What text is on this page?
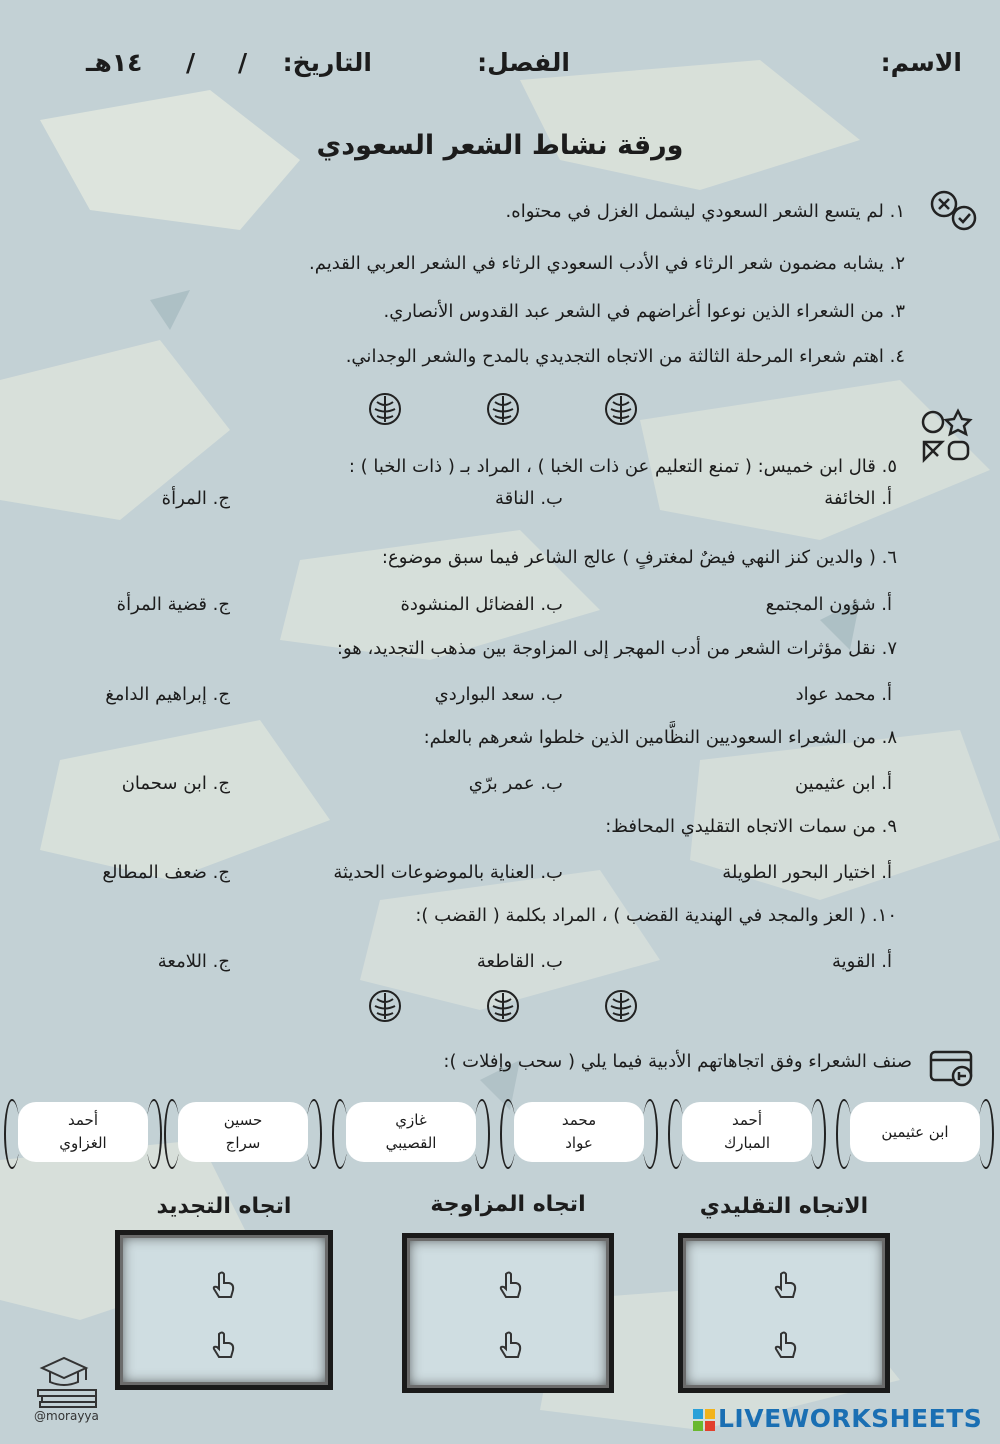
الاسم:
الفصل:
التاريخ:
/
/
١٤هـ
ورقة نشاط الشعر السعودي
١. لم يتسع الشعر السعودي ليشمل الغزل في محتواه.
٢. يشابه مضمون شعر الرثاء في الأدب السعودي الرثاء في الشعر العربي القديم.
٣. من الشعراء الذين نوعوا أغراضهم في الشعر عبد القدوس الأنصاري.
٤. اهتم شعراء المرحلة الثالثة من الاتجاه التجديدي بالمدح والشعر الوجداني.
٥. قال ابن خميس: ( تمنع التعليم عن ذات الخبا ) ، المراد بـ ( ذات الخبا ) :
أ. الخائفة
ب. الناقة
ج. المرأة
٦. ( والدين كنز النهي فيضٌ لمغترفٍ ) عالج الشاعر فيما سبق موضوع:
أ. شؤون المجتمع
ب. الفضائل المنشودة
ج. قضية المرأة
٧. نقل مؤثرات الشعر من أدب المهجر إلى المزاوجة بين مذهب التجديد، هو:
أ. محمد عواد
ب. سعد البواردي
ج. إبراهيم الدامغ
٨. من الشعراء السعوديين النظَّامين الذين خلطوا شعرهم بالعلم:
أ. ابن عثيمين
ب. عمر برّي
ج. ابن سحمان
٩. من سمات الاتجاه التقليدي المحافظ:
أ. اختيار البحور الطويلة
ب. العناية بالموضوعات الحديثة
ج. ضعف المطالع
١٠. ( العز والمجد في الهندية القضب ) ، المراد بكلمة ( القضب ):
أ. القوية
ب. القاطعة
ج. اللامعة
صنف الشعراء وفق اتجاهاتهم الأدبية فيما يلي ( سحب وإفلات ):
ابن عثيمين

أحمد
المبارك
محمد
عواد
غازي
القصيبي
حسين
سراج
أحمد
الغزاوي
الاتجاه التقليدي
اتجاه المزاوجة
اتجاه التجديد
@morayya	LIVEWORKSHEETS
